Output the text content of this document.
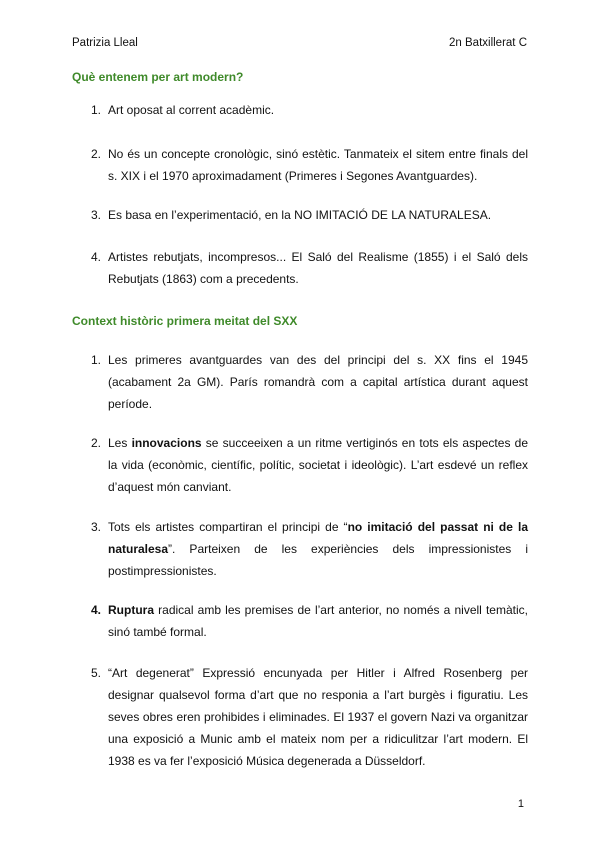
Patrizia Lleal	2n Batxillerat C
Què entenem per art modern?
1. Art oposat al corrent acadèmic.
2. No és un concepte cronològic, sinó estètic. Tanmateix el sitem entre finals del s. XIX i el 1970 aproximadament (Primeres i Segones Avantguardes).
3. Es basa en l’experimentació, en la NO IMITACIÓ DE LA NATURALESA.
4. Artistes rebutjats, incompresos... El Saló del Realisme (1855) i el Saló dels Rebutjats (1863) com a precedents.
Context històric primera meitat del SXX
1. Les primeres avantguardes van des del principi del s. XX fins el 1945 (acabament 2a GM). París romandrà com a capital artística durant aquest període.
2. Les innovacions se succeeixen a un ritme vertiginós en tots els aspectes de la vida (econòmic, científic, polític, societat i ideològic). L’art esdevé un reflex d’aquest món canviant.
3. Tots els artistes compartiran el principi de “no imitació del passat ni de la naturalesa”. Parteixen de les experiències dels impressionistes i postimpressionistes.
4. Ruptura radical amb les premises de l’art anterior, no només a nivell temàtic, sinó també formal.
5. “Art degenerat” Expressió encunyada per Hitler i Alfred Rosenberg per designar qualsevol forma d’art que no responia a l’art burgès i figuratiu. Les seves obres eren prohibides i eliminades. El 1937 el govern Nazi va organitzar una exposició a Munic amb el mateix nom per a ridiculitzar l’art modern. El 1938 es va fer l’exposició Música degenerada a Düsseldorf.
1
